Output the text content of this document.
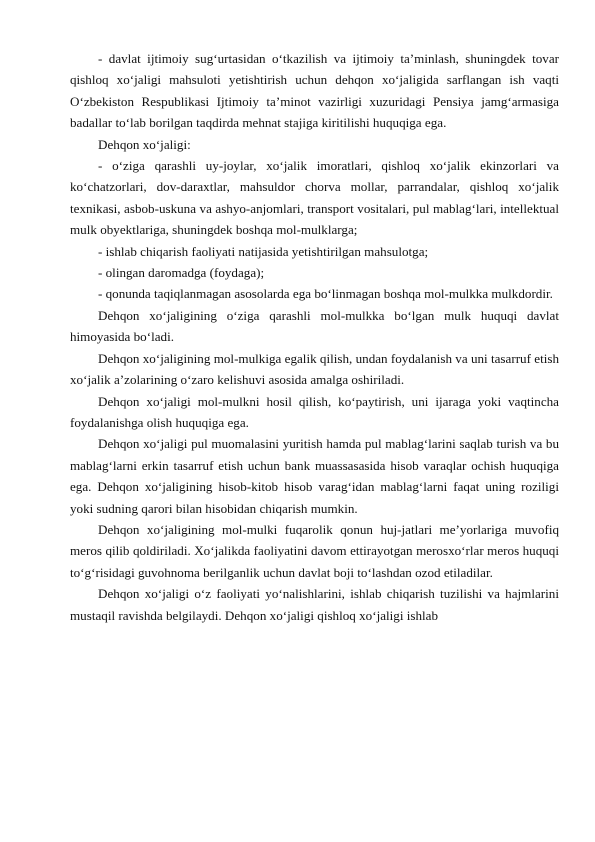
- davlat ijtimoiy sug‘urtasidan o‘tkazilish va ijtimoiy ta’minlash, shuningdek tovar qishloq xo‘jaligi mahsuloti yetishtirish uchun dehqon xo‘jaligida sarflangan ish vaqti O‘zbekiston Respublikasi Ijtimoiy ta’minot vazirligi xuzuridagi Pensiya jamg‘armasiga badallar to‘lab borilgan taqdirda mehnat stajiga kiritilishi huquqiga ega.

Dehqon xo‘jaligi:

- o‘ziga qarashli uy-joylar, xo‘jalik imoratlari, qishloq xo‘jalik ekinzorlari va ko‘chatzorlari, dov-daraxtlar, mahsuldor chorva mollar, parrandalar, qishloq xo‘jalik texnikasi, asbob-uskuna va ashyo-anjomlari, transport vositalari, pul mablag‘lari, intellektual mulk obyektlariga, shuningdek boshqa mol-mulklarga;

- ishlab chiqarish faoliyati natijasida yetishtirilgan mahsulotga;

- olingan daromadga (foydaga);

- qonunda taqiqlanmagan asosolarda ega bo‘linmagan boshqa mol-mulkka mulkdordir.

Dehqon xo‘jaligining o‘ziga qarashli mol-mulkka bo‘lgan mulk huquqi davlat himoyasida bo‘ladi.

Dehqon xo‘jaligining mol-mulkiga egalik qilish, undan foydalanish va uni tasarruf etish xo‘jalik a’zolarining o‘zaro kelishuvi asosida amalga oshiriladi.

Dehqon xo‘jaligi mol-mulkni hosil qilish, ko‘paytirish, uni ijaraga yoki vaqtincha foydalanishga olish huquqiga ega.

Dehqon xo‘jaligi pul muomalasini yuritish hamda pul mablag‘larini saqlab turish va bu mablag‘larni erkin tasarruf etish uchun bank muassasasida hisob varaqlar ochish huquqiga ega. Dehqon xo‘jaligining hisob-kitob hisob varag‘idan mablag‘larni faqat uning roziligi yoki sudning qarori bilan hisobidan chiqarish mumkin.

Dehqon xo‘jaligining mol-mulki fuqarolik qonun huj-jatlari me’yorlariga muvofiq meros qilib qoldiriladi. Xo‘jalikda faoliyatini davom ettirayotgan merosxo‘rlar meros huquqi to‘g‘risidagi guvohnoma berilganlik uchun davlat boji to‘lashdan ozod etiladilar.

Dehqon xo‘jaligi o‘z faoliyati yo‘nalishlarini, ishlab chiqarish tuzilishi va hajmlarini mustaqil ravishda belgilaydi. Dehqon xo‘jaligi qishloq xo‘jaligi ishlab
